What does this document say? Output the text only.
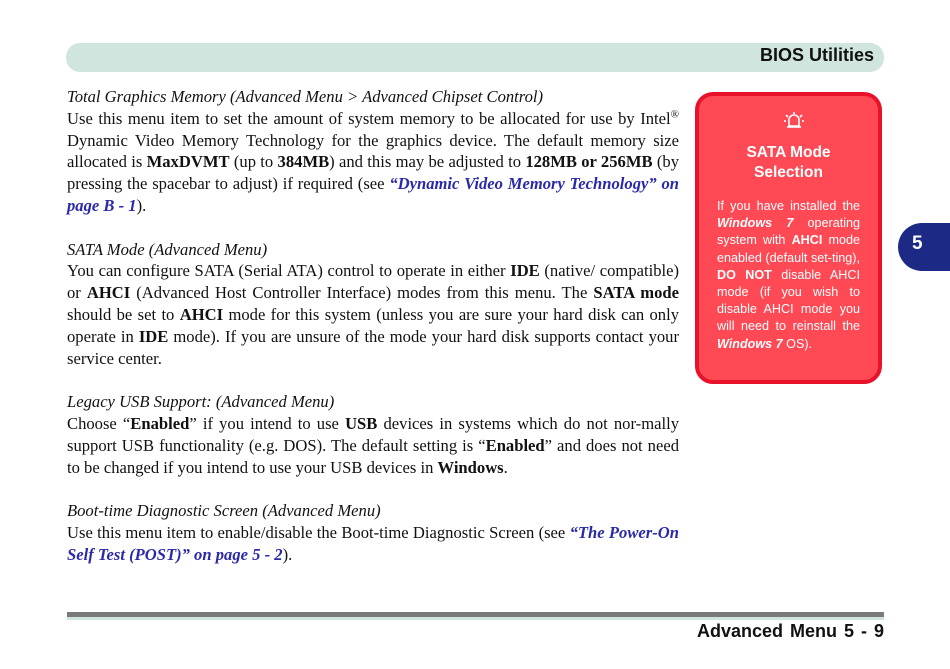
BIOS Utilities

Total Graphics Memory (Advanced Menu > Advanced Chipset Control)

Use this menu item to set the amount of system memory to be allocated for use by Intel® Dynamic Video Memory Technology for the graphics device. The default memory size allocated is MaxDVMT (up to 384MB) and this may be adjusted to 128MB or 256MB (by pressing the spacebar to adjust) if required (see “Dynamic Video Memory Technology” on page B - 1).

SATA Mode (Advanced Menu)

You can configure SATA (Serial ATA) control to operate in either IDE (native/ compatible) or AHCI (Advanced Host Controller Interface) modes from this menu. The SATA mode should be set to AHCI mode for this system (unless you are sure your hard disk can only operate in IDE mode). If you are unsure of the mode your hard disk supports contact your service center.

Legacy USB Support: (Advanced Menu)

Choose “Enabled” if you intend to use USB devices in systems which do not nor-mally support USB functionality (e.g. DOS). The default setting is “Enabled” and does not need to be changed if you intend to use your USB devices in Windows.

Boot-time Diagnostic Screen (Advanced Menu)

Use this menu item to enable/disable the Boot-time Diagnostic Screen (see “The Power-On Self Test (POST)” on page 5 - 2).

SATA Mode
Selection
If you have installed the Windows 7 operating system with AHCI mode enabled (default set-ting), DO NOT disable AHCI mode (if you wish to disable AHCI mode you will need to reinstall the Windows 7 OS).
5
Advanced Menu 5 - 9
